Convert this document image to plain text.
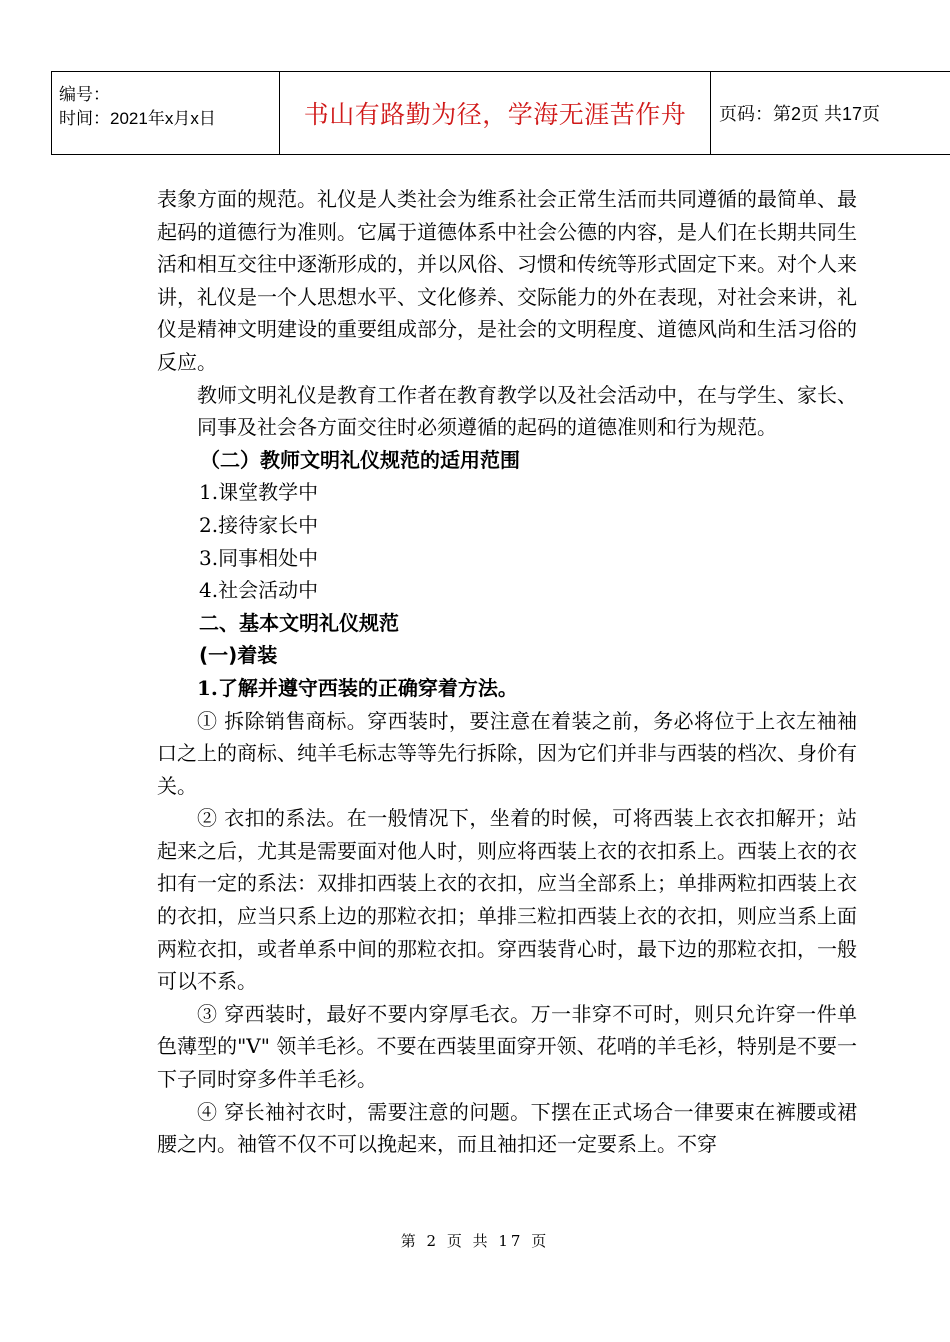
编号：
时间：2021年x月x日	书山有路勤为径，学海无涯苦作舟	页码：第2页 共17页

表象方面的规范。礼仪是人类社会为维系社会正常生活而共同遵循的最简单、最起码的道德行为准则。它属于道德体系中社会公德的内容，是人们在长期共同生活和相互交往中逐渐形成的，并以风俗、习惯和传统等形式固定下来。对个人来讲，礼仪是一个人思想水平、文化修养、交际能力的外在表现，对社会来讲，礼仪是精神文明建设的重要组成部分，是社会的文明程度、道德风尚和生活习俗的反应。

教师文明礼仪是教育工作者在教育教学以及社会活动中，在与学生、家长、同事及社会各方面交往时必须遵循的起码的道德准则和行为规范。

（二）教师文明礼仪规范的适用范围

1.课堂教学中

2.接待家长中

3.同事相处中

4.社会活动中

二、基本文明礼仪规范

(一)着装

1.了解并遵守西装的正确穿着方法。

① 拆除销售商标。穿西装时，要注意在着装之前，务必将位于上衣左袖袖口之上的商标、纯羊毛标志等等先行拆除，因为它们并非与西装的档次、身价有关。

② 衣扣的系法。在一般情况下，坐着的时候，可将西装上衣衣扣解开；站起来之后，尤其是需要面对他人时，则应将西装上衣的衣扣系上。西装上衣的衣扣有一定的系法：双排扣西装上衣的衣扣，应当全部系上；单排两粒扣西装上衣的衣扣，应当只系上边的那粒衣扣；单排三粒扣西装上衣的衣扣，则应当系上面两粒衣扣，或者单系中间的那粒衣扣。穿西装背心时，最下边的那粒衣扣，一般可以不系。

③ 穿西装时，最好不要内穿厚毛衣。万一非穿不可时，则只允许穿一件单色薄型的"V" 领羊毛衫。不要在西装里面穿开领、花哨的羊毛衫，特别是不要一下子同时穿多件羊毛衫。

④ 穿长袖衬衣时，需要注意的问题。下摆在正式场合一律要束在裤腰或裙腰之内。袖管不仅不可以挽起来，而且袖扣还一定要系上。不穿

第 2 页 共 17 页
